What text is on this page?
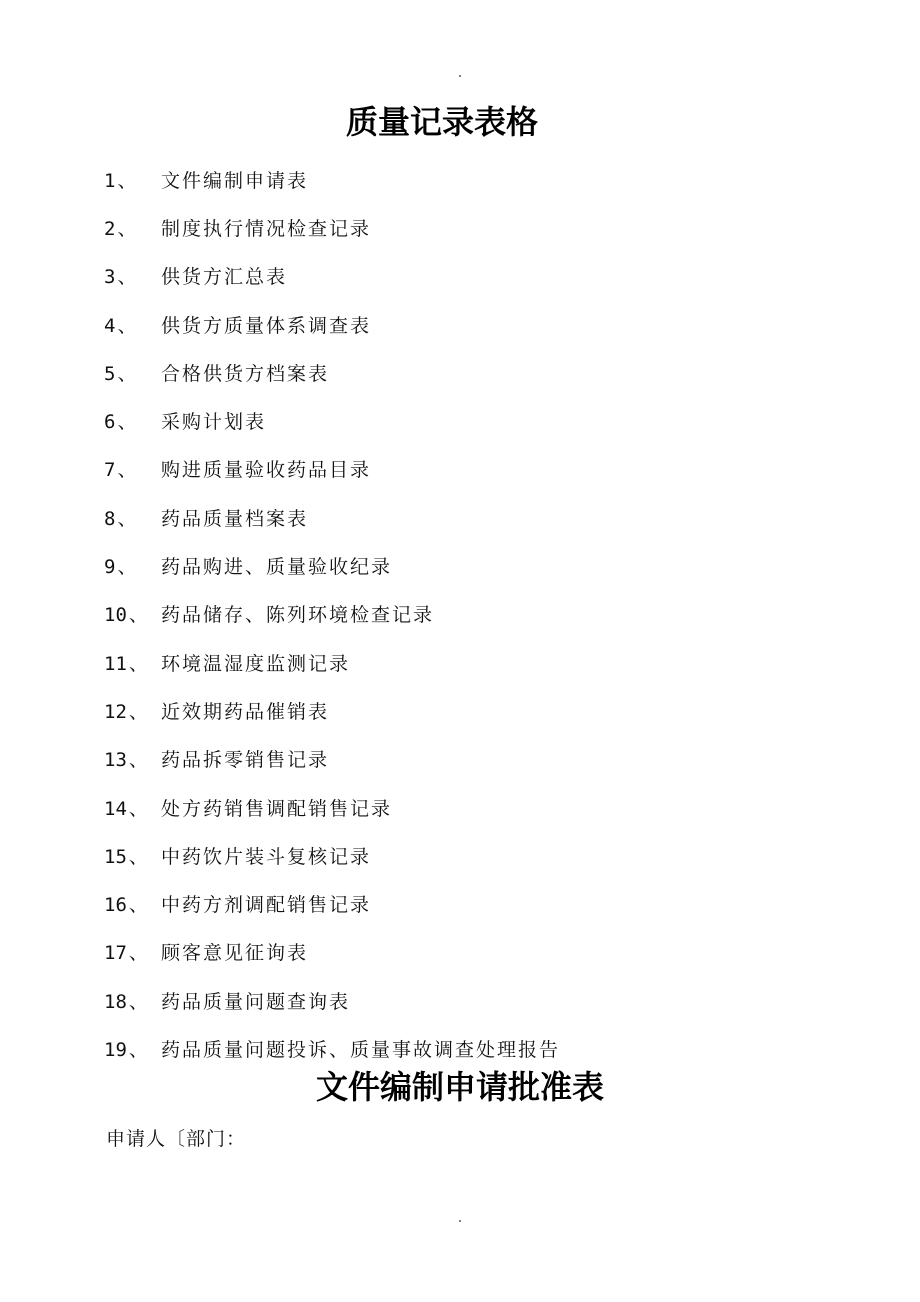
质量记录表格
1 、	文件编制申请表
2 、	制度执行情况检查记录
3 、	供货方汇总表
4 、	供货方质量体系调查表
5 、	合格供货方档案表
6 、	采购计划表
7 、	购进质量验收药品目录
8 、	药品质量档案表
9 、	药品购进、质量验收纪录
10 、 药品储存、陈列环境检查记录
11 、 环境温湿度监测记录
12 、 近效期药品催销表
13 、 药品拆零销售记录
14 、 处方药销售调配销售记录
15 、 中药饮片装斗复核记录
16 、 中药方剂调配销售记录
17 、 顾客意见征询表
18 、 药品质量问题查询表
19 、 药品质量问题投诉、质量事故调查处理报告
文件编制申请批准表

申请人〔部门：
